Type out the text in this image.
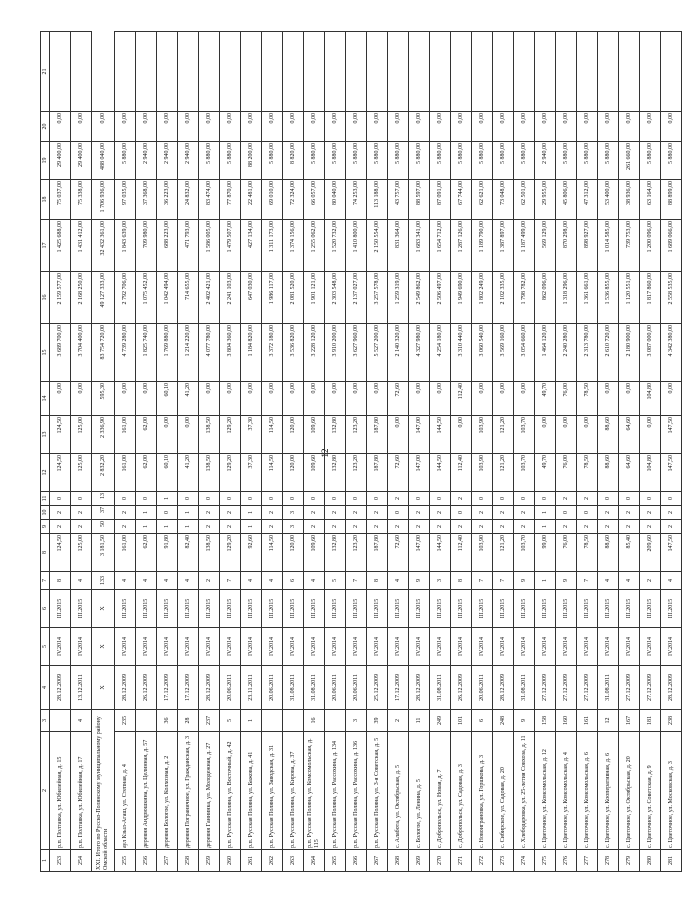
12
1	2	3	4	5	6	7	8	9	10	11	12	13	14	15	16	17	18	19	20	21
253	р.п. Полтавка, ул. Юбилейная, д. 15		28.12.2009	IV.2014	III.2015	8	124,50	2	2	0	124,50	124,50	0,00	3 689 700,00	2 159 577,00	1 425 688,00	75 037,00	29 400,00	0,00	
254	р.п. Полтавка, ул. Юбилейная, д. 17	4	13.12.2011	IV.2014	III.2015	4	125,00	2	2	0	125,00	125,00	0,00	3 704 400,00	2 168 250,00	1 431 412,00	75 338,00	29 400,00	0,00	
XXI. Итого по Русско-Полянскому муниципальному району Омской области			X	X	X	133	3 181,50	50	37	13	2 832,20	2 336,90	595,30	83 754 720,00	49 127 333,00	32 432 361,00	1 706 936,00	488 040,00	0,00	
255	аул Кзыл-Агаш, ул. Степная, д. 4	235	28.12.2009	IV.2014	III.2015	4	161,00	2	2	0	161,00	161,00	0,00	4 739 280,00	2 792 706,00	1 843 639,00	97 035,00	5 880,00	0,00	
256	деревня Андрюшкина, ул. Целинная, д. 57		26.12.2009	IV.2014	III.2015	4	62,00	1	1	0	62,00	62,00	0,00	1 825 740,00	1 075 452,00	709 980,00	37 368,00	2 940,00	0,00	
257	деревня Бологое, ул. Колхозная, д. 2	36	17.12.2009	IV.2014	III.2015	4	91,80	1	0	1	60,10	0,00	60,10	1 769 880,00	1 042 494,00	688 223,00	36 223,00	2 940,00	0,00	
258	деревня Пограничное, ул. Гражданская, д. 3	28	17.12.2009	IV.2014	III.2015	4	82,40	1	1	0	41,20	0,00	41,20	1 214 220,00	714 655,00	471 793,00	24 832,00	2 940,00	0,00	
259	деревня Ганнинка, ул. Молодежная, д. 27	237	28.12.2009	IV.2014	III.2015	2	138,50	2	2	0	138,50	138,50	0,00	4 077 780,00	2 402 421,00	1 586 005,00	83 474,00	5 880,00	0,00	
260	р.п. Русская Поляна, ул. Восточный, д. 42	5	20.06.2011	IV.2014	III.2015	7	129,20	2	2	0	129,20	129,20	0,00	3 804 360,00	2 241 103,00	1 479 507,00	77 870,00	5 880,00	0,00	
261	р.п. Русская Поляна, ул. Бажова, д. 41	1	23.11.2011	IV.2014	III.2015	4	92,60	1	1	0	37,30	37,30	0,00	1 184 820,00	647 030,00	427 134,00	22 481,00	88 200,00	0,00	
262	р.п. Русская Поляна, ул. Заводская, д. 31		20.06.2011	IV.2014	III.2015	4	114,50	2	2	0	114,50	114,50	0,00	3 372 180,00	1 986 117,00	1 311 173,00	69 010,00	5 880,00	0,00	
263	р.п. Русская Поляна, ул. Кирова, д. 37		31.08.2011	IV.2014	III.2015	6	120,00	3	3	0	120,00	120,00	0,00	3 536 820,00	2 081 520,00	1 374 156,00	72 324,00	8 820,00	0,00	
264	р.п. Русская Поляна, ул. Комсомольская, д. 115	16	31.08.2011	IV.2014	III.2015	4	109,60	2	2	0	109,60	109,60	0,00	3 228 120,00	1 901 121,00	1 255 062,00	66 057,00	5 880,00	0,00	
265	р.п. Русская Поляна, ул. Рассохина, д. 134		20.06.2011	IV.2014	III.2015	5	132,80	2	2	0	132,80	132,80	0,00	3 910 200,00	2 303 548,00	1 520 732,00	80 040,00	5 880,00	0,00	
266	р.п. Русская Поляна, ул. Рассохина, д. 136	3	20.06.2011	IV.2014	III.2015	7	123,20	2	2	0	123,20	123,20	0,00	3 627 960,00	2 137 027,00	1 410 800,00	74 253,00	5 880,00	0,00	
267	р.п. Русская Поляна, ул. 3-я Советская, д. 5	39	25.12.2009	IV.2014	III.2015	8	187,80	2	2	0	187,80	187,80	0,00	5 527 200,00	3 257 578,00	2 150 554,00	113 188,00	5 880,00	0,00	
268	с. Алабота, ул. Октябрьская, д. 5	2	17.12.2009	IV.2014	III.2015	4	72,60	2	0	2	72,60	0,00	72,60	2 140 320,00	1 259 319,00	831 364,00	43 757,00	5 880,00	0,00	
269	с. Бологое, ул. Ленина, д. 5	11	28.12.2009	IV.2014	III.2015	9	147,00	2	2	0	147,00	147,00	0,00	4 327 980,00	2 549 862,00	1 683 341,00	88 597,00	5 880,00	0,00	
270	с. Добропольск, ул. Новая, д. 7	249	31.08.2011	IV.2014	III.2015	3	144,50	2	2	0	144,50	144,50	0,00	4 254 180,00	2 506 497,00	1 654 712,00	87 091,00	5 880,00	0,00	
271	с. Добропольск, ул. Садовая, д. 3	101	26.12.2009	IV.2014	III.2015	8	112,40	2	0	2	112,40	0,00	112,40	3 310 440,00	1 949 690,00	1 287 126,00	67 744,00	5 880,00	0,00	
272	с. Новоиграновка, ул. Горшкова, д. 3	6	20.06.2011	IV.2014	III.2015	7	103,90	2	2	0	103,90	103,90	0,00	3 060 540,00	1 802 249,00	1 189 790,00	62 621,00	5 880,00	0,00	
273	с. Сибирское, ул. Садовая, д. 20	248	28.12.2009	IV.2014	III.2015	7	121,20	2	2	0	121,20	121,20	0,00	3 569 160,00	2 102 335,00	1 387 897,00	73 048,00	5 880,00	0,00	
274	с. Хлебодаровка, ул. 25-летия Совхоза, д. 11	9	31.08.2011	IV.2014	III.2015	9	103,70	2	2	0	103,70	103,70	0,00	3 054 660,00	1 798 782,00	1 187 499,00	62 501,00	5 880,00	0,00	
275	с. Цветочное, ул. Комсомольская, д. 12	158	27.12.2009	IV.2014	III.2015	1	99,00	1	1	0	49,70	0,00	49,70	1 464 120,00	862 096,00	569 129,00	29 955,00	2 940,00	0,00	
276	с. Цветочное, ул. Комсомольская, д. 4	160	27.12.2009	IV.2014	III.2015	9	76,00	2	0	2	76,00	0,00	76,00	2 240 280,00	1 318 296,00	870 298,00	45 806,00	5 880,00	0,00	
277	с. Цветочное, ул. Комсомольская, д. 6	161	27.12.2009	IV.2014	III.2015	7	78,50	2	0	2	78,50	0,00	78,50	2 313 780,00	1 361 661,00	898 927,00	47 312,00	5 880,00	0,00	
278	с. Цветочное, ул. Кооперативная, д. 6	12	31.08.2011	IV.2014	III.2015	4	88,60	2	2	0	88,60	88,60	0,00	2 610 720,00	1 536 855,00	1 014 585,00	53 400,00	5 880,00	0,00	
279	с. Цветочное, ул. Октябрьская, д. 20	167	27.12.2009	IV.2014	III.2015	4	85,40	2	2	0	64,60	64,60	0,00	2 180 900,00	1 120 551,00	739 753,00	38 936,00	261 660,00	0,00	
280	с. Цветочное, ул. Советская, д. 9	181	27.12.2009	IV.2014	III.2015	2	209,60	2	2	0	104,80	0,00	104,80	3 087 000,00	1 817 860,00	1 200 096,00	63 164,00	5 880,00	0,00	
281	с. Цветочное, ул. Московская, д. 3	238	28.12.2009	IV.2014	III.2015	4	147,50	2	2	0	147,50	147,50	0,00	4 342 380,00	2 558 535,00	1 689 066,00	88 899,00	5 880,00	0,00	
